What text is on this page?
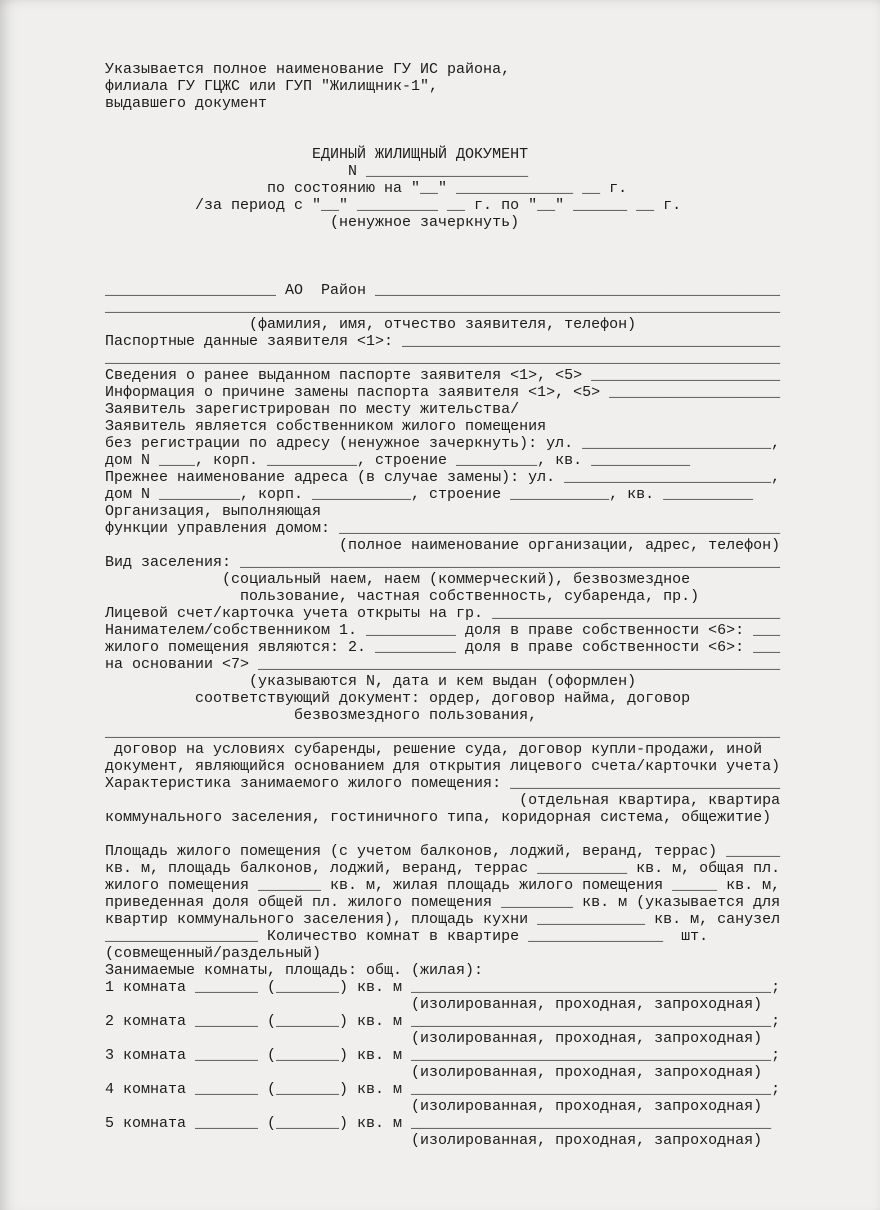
Указывается полное наименование ГУ ИС района,
филиала ГУ ГЦЖС или ГУП "Жилищник-1",
выдавшего документ

ЕДИНЫЙ ЖИЛИЩНЫЙ ДОКУМЕНТ
N __________________
по состоянию на "__" _____________ __ г.
/за период с "__" _________ __ г. по "__" ______ __ г.
(ненужное зачеркнуть)

___________________ АО  Район _____________________________________________
___________________________________________________________________________
(фамилия, имя, отчество заявителя, телефон)
Паспортные данные заявителя <1>: __________________________________________
___________________________________________________________________________
Сведения о ранее выданном паспорте заявителя <1>, <5> _____________________
Информация о причине замены паспорта заявителя <1>, <5> ___________________
Заявитель зарегистрирован по месту жительства/
Заявитель является собственником жилого помещения
без регистрации по адресу (ненужное зачеркнуть): ул. _____________________,
дом N ____, корп. __________, строение _________, кв. ___________
Прежнее наименование адреса (в случае замены): ул. _______________________,
дом N _________, корп. ___________, строение ___________, кв. __________
Организация, выполняющая
функции управления домом: _________________________________________________
(полное наименование организации, адрес, телефон)
Вид заселения: ____________________________________________________________
(социальный наем, наем (коммерческий), безвозмездное
пользование, частная собственность, субаренда, пр.)
Лицевой счет/карточка учета открыты на гр. ________________________________
Нанимателем/собственником 1. __________ доля в праве собственности <6>: ___
жилого помещения являются: 2. _________ доля в праве собственности <6>: ___
на основании <7> __________________________________________________________
(указываются N, дата и кем выдан (оформлен)
соответствующий документ: ордер, договор найма, договор
безвозмездного пользования,
___________________________________________________________________________
договор на условиях субаренды, решение суда, договор купли-продажи, иной
документ, являющийся основанием для открытия лицевого счета/карточки учета)
Характеристика занимаемого жилого помещения: ______________________________
(отдельная квартира, квартира
коммунального заселения, гостиничного типа, коридорная система, общежитие)

Площадь жилого помещения (с учетом балконов, лоджий, веранд, террас) ______
кв. м, площадь балконов, лоджий, веранд, террас __________ кв. м, общая пл.
жилого помещения _______ кв. м, жилая площадь жилого помещения _____ кв. м,
приведенная доля общей пл. жилого помещения ________ кв. м (указывается для
квартир коммунального заселения), площадь кухни ____________ кв. м, санузел
_________________ Количество комнат в квартире _______________  шт.
(совмещенный/раздельный)
Занимаемые комнаты, площадь: общ. (жилая):
1 комната _______ (_______) кв. м ________________________________________;
(изолированная, проходная, запроходная)
2 комната _______ (_______) кв. м ________________________________________;
(изолированная, проходная, запроходная)
3 комната _______ (_______) кв. м ________________________________________;
(изолированная, проходная, запроходная)
4 комната _______ (_______) кв. м ________________________________________;
(изолированная, проходная, запроходная)
5 комната _______ (_______) кв. м ________________________________________
(изолированная, проходная, запроходная)
